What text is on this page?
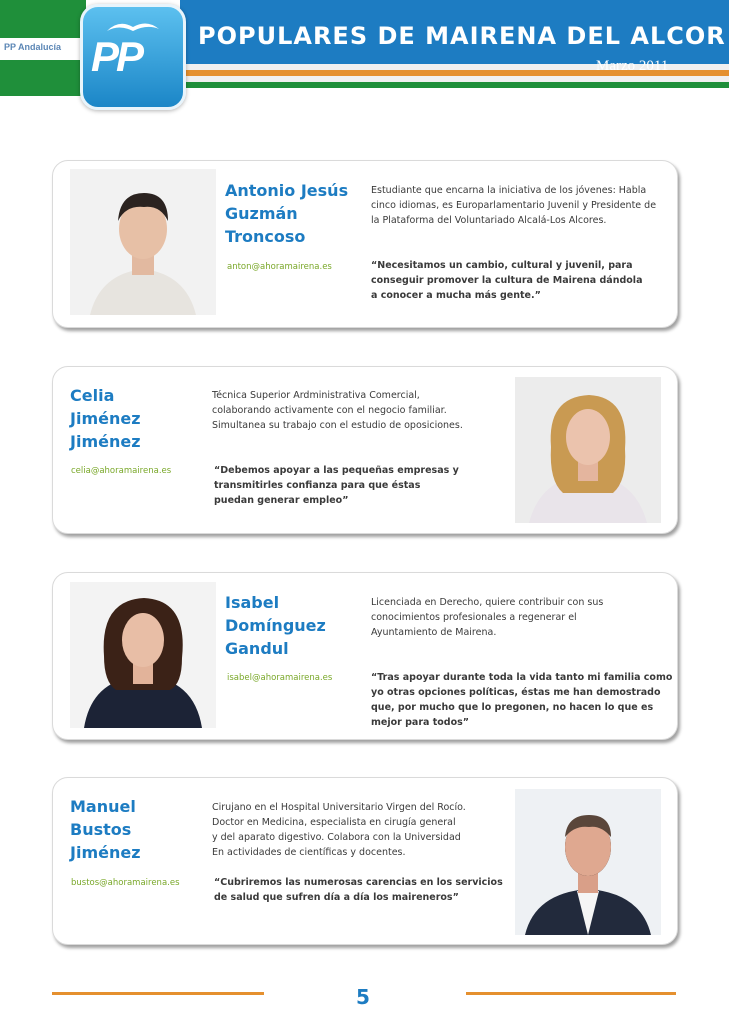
PP Andalucía	POPULARES DE MAIRENA DEL ALCOR
Marzo 2011
PP
Antonio Jesús
Guzmán
Troncoso
anton@ahoramairena.es
Estudiante que encarna la iniciativa de los jóvenes: Habla
cinco idiomas, es Europarlamentario Juvenil y Presidente de
la Plataforma del Voluntariado Alcalá-Los Alcores.
“Necesitamos un cambio, cultural y juvenil, para
conseguir promover la cultura de Mairena dándola
a conocer a mucha más gente.”
Celia
Jiménez
Jiménez
celia@ahoramairena.es
Técnica Superior Ardministrativa Comercial,
colaborando activamente con el negocio familiar.
Simultanea su trabajo con el estudio de oposiciones.
“Debemos apoyar a las pequeñas empresas y
transmitirles confianza para que éstas
puedan generar empleo”
Isabel
Domínguez
Gandul
isabel@ahoramairena.es
Licenciada en Derecho, quiere contribuir con sus
conocimientos profesionales a regenerar el
Ayuntamiento de Mairena.
“Tras apoyar durante toda la vida tanto mi familia como
yo otras opciones políticas, éstas me han demostrado
que, por mucho que lo pregonen, no hacen lo que es
mejor para todos”
Manuel
Bustos
Jiménez
bustos@ahoramairena.es
Cirujano en el Hospital Universitario Virgen del Rocío.
Doctor en Medicina, especialista en cirugía general
y del aparato digestivo. Colabora con la Universidad
En actividades de científicas y docentes.
“Cubriremos las numerosas carencias en los servicios
de salud que sufren día a día los maireneros”
5
